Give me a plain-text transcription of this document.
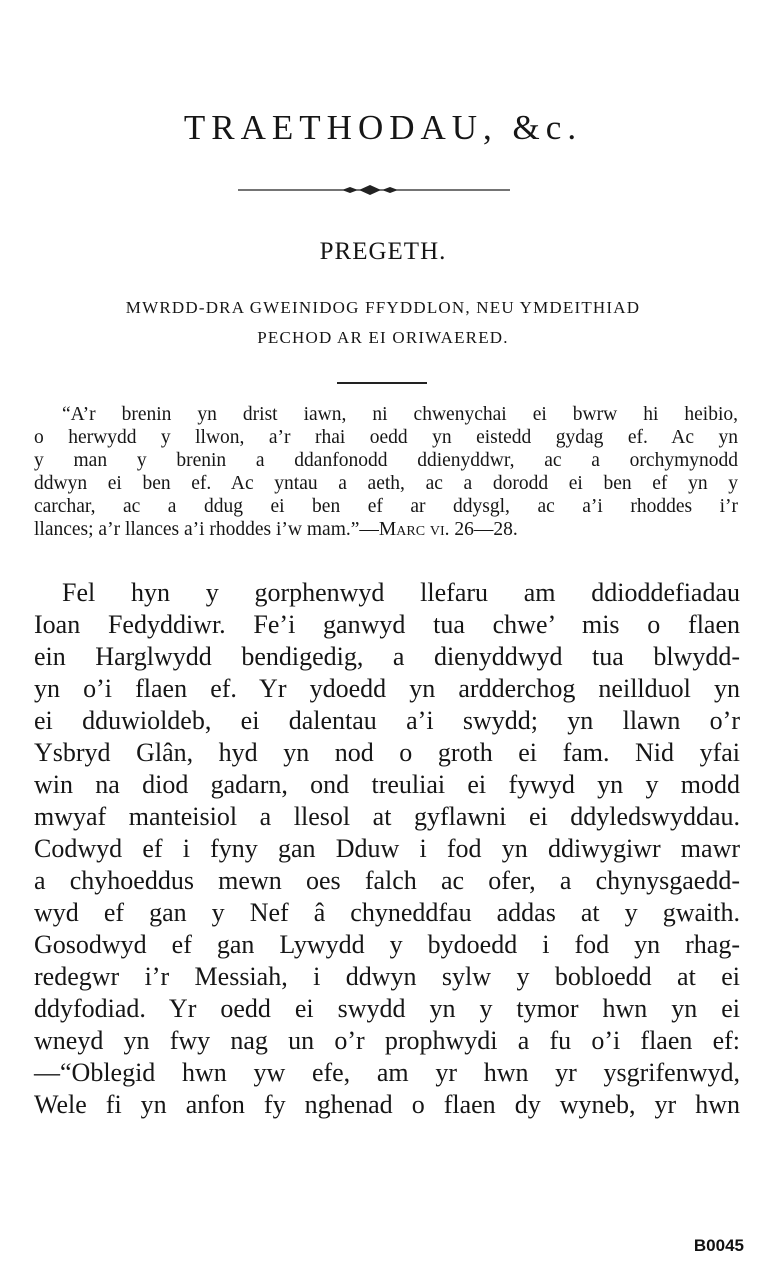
TRAETHODAU, &c.
PREGETH.
MWRDD-DRA GWEINIDOG FFYDDLON, NEU YMDEITHIAD
PECHOD AR EI ORIWAERED.
“A’r brenin yn drist iawn, ni chwenychai ei bwrw hi heibio,
o herwydd y llwon, a’r rhai oedd yn eistedd gydag ef. Ac yn
y man y brenin a ddanfonodd ddienyddwr, ac a orchymynodd
ddwyn ei ben ef. Ac yntau a aeth, ac a dorodd ei ben ef yn y
carchar, ac a ddug ei ben ef ar ddysgl, ac a’i rhoddes i’r
llances; a’r llances a’i rhoddes i’w mam.”—Marc vi. 26—28.
Fel hyn y gorphenwyd llefaru am ddioddefiadau
Ioan Fedyddiwr. Fe’i ganwyd tua chwe’ mis o flaen
ein Harglwydd bendigedig, a dienyddwyd tua blwydd-
yn o’i flaen ef. Yr ydoedd yn ardderchog neillduol yn
ei dduwioldeb, ei dalentau a’i swydd; yn llawn o’r
Ysbryd Glân, hyd yn nod o groth ei fam. Nid yfai
win na diod gadarn, ond treuliai ei fywyd yn y modd
mwyaf manteisiol a llesol at gyflawni ei ddyledswyddau.
Codwyd ef i fyny gan Dduw i fod yn ddiwygiwr mawr
a chyhoeddus mewn oes falch ac ofer, a chynysgaedd-
wyd ef gan y Nef â chyneddfau addas at y gwaith.
Gosodwyd ef gan Lywydd y bydoedd i fod yn rhag-
redegwr i’r Messiah, i ddwyn sylw y bobloedd at ei
ddyfodiad. Yr oedd ei swydd yn y tymor hwn yn ei
wneyd yn fwy nag un o’r prophwydi a fu o’i flaen ef:
—“Oblegid hwn yw efe, am yr hwn yr ysgrifenwyd,
Wele fi yn anfon fy nghenad o flaen dy wyneb, yr hwn
B0045
